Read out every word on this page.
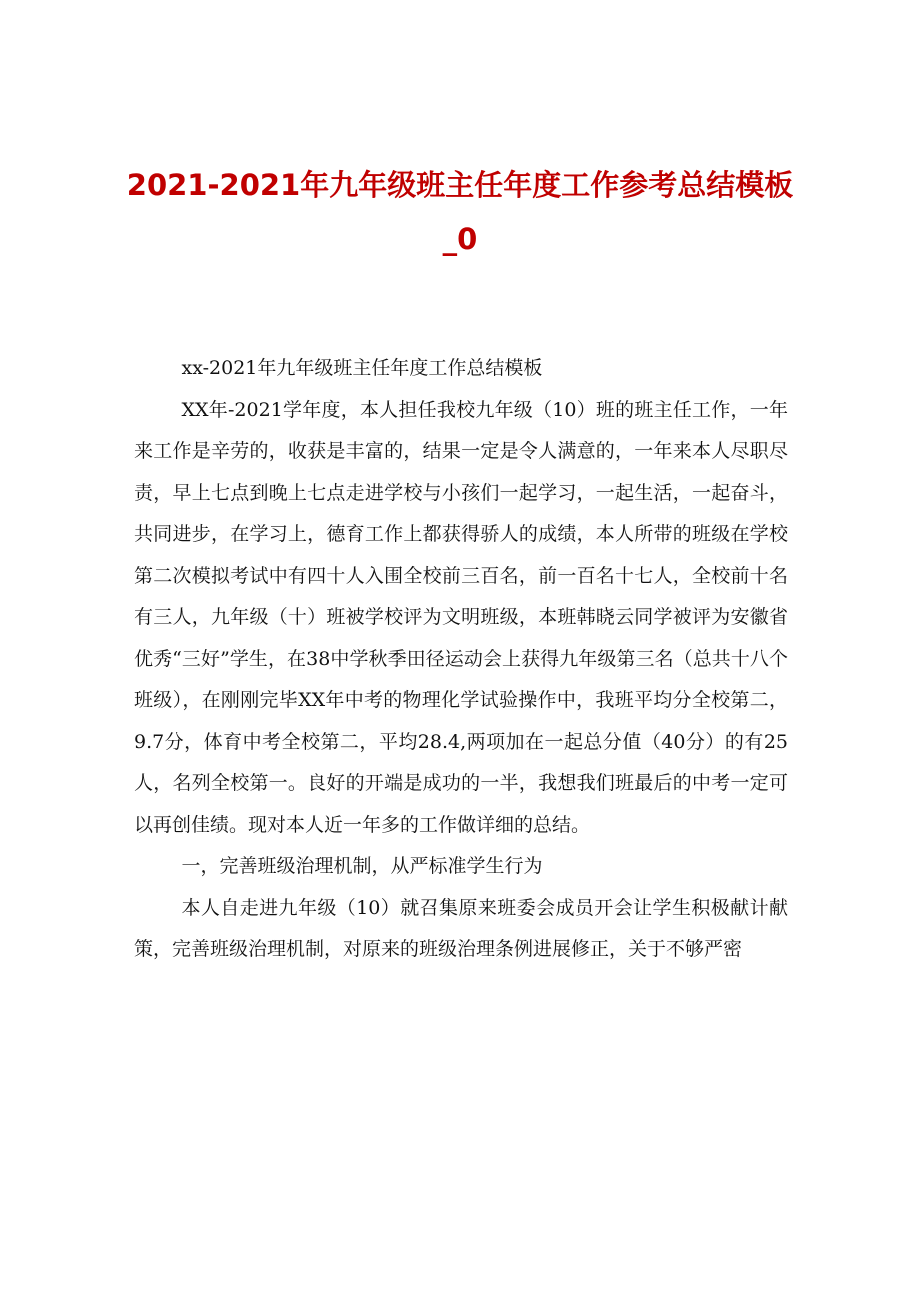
2021-2021年九年级班主任年度工作参考总结模板_0

xx-2021年九年级班主任年度工作总结模板

XX年-2021学年度，本人担任我校九年级（10）班的班主任工作，一年来工作是辛劳的，收获是丰富的，结果一定是令人满意的，一年来本人尽职尽责，早上七点到晚上七点走进学校与小孩们一起学习，一起生活，一起奋斗，共同进步，在学习上，德育工作上都获得骄人的成绩，本人所带的班级在学校第二次模拟考试中有四十人入围全校前三百名，前一百名十七人，全校前十名有三人，九年级（十）班被学校评为文明班级，本班韩晓云同学被评为安徽省优秀“三好”学生，在38中学秋季田径运动会上获得九年级第三名（总共十八个班级），在刚刚完毕XX年中考的物理化学试验操作中，我班平均分全校第二，9.7分，体育中考全校第二，平均28.4,两项加在一起总分值（40分）的有25人，名列全校第一。良好的开端是成功的一半，我想我们班最后的中考一定可以再创佳绩。现对本人近一年多的工作做详细的总结。

一，完善班级治理机制，从严标准学生行为

本人自走进九年级（10）就召集原来班委会成员开会让学生积极献计献策，完善班级治理机制，对原来的班级治理条例进展修正，关于不够严密
